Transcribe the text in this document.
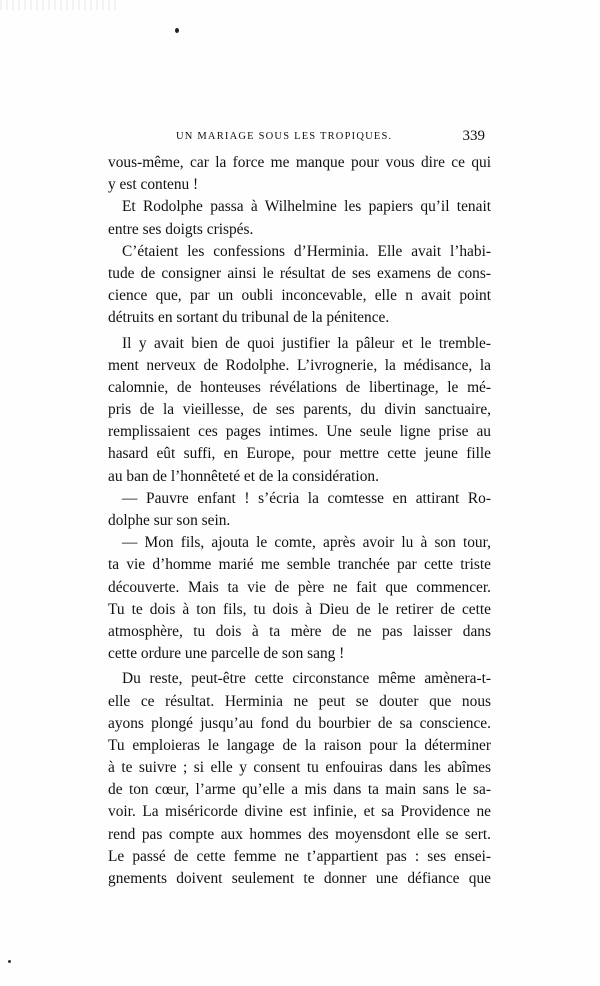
UN MARIAGE SOUS LES TROPIQUES.	339
vous-même, car la force me manque pour vous dire ce qui
y est contenu !
Et Rodolphe passa à Wilhelmine les papiers qu’il tenait
entre ses doigts crispés.
C’étaient les confessions d’Herminia. Elle avait l’habi-
tude de consigner ainsi le résultat de ses examens de cons-
cience que, par un oubli inconcevable, elle n avait point
détruits en sortant du tribunal de la pénitence.
Il y avait bien de quoi justifier la pâleur et le tremble-
ment nerveux de Rodolphe. L’ivrognerie, la médisance, la
calomnie, de honteuses révélations de libertinage, le mé-
pris de la vieillesse, de ses parents, du divin sanctuaire,
remplissaient ces pages intimes. Une seule ligne prise au
hasard eût suffi, en Europe, pour mettre cette jeune fille
au ban de l’honnêteté et de la considération.
— Pauvre enfant ! s’écria la comtesse en attirant Ro-
dolphe sur son sein.
— Mon fils, ajouta le comte, après avoir lu à son tour,
ta vie d’homme marié me semble tranchée par cette triste
découverte. Mais ta vie de père ne fait que commencer.
Tu te dois à ton fils, tu dois à Dieu de le retirer de cette
atmosphère, tu dois à ta mère de ne pas laisser dans
cette ordure une parcelle de son sang !
Du reste, peut-être cette circonstance même amènera-t-
elle ce résultat. Herminia ne peut se douter que nous
ayons plongé jusqu’au fond du bourbier de sa conscience.
Tu emploieras le langage de la raison pour la déterminer
à te suivre ; si elle y consent tu enfouiras dans les abîmes
de ton cœur, l’arme qu’elle a mis dans ta main sans le sa-
voir. La miséricorde divine est infinie, et sa Providence ne
rend pas compte aux hommes des moyensdont elle se sert.
Le passé de cette femme ne t’appartient pas : ses ensei-
gnements doivent seulement te donner une défiance que
